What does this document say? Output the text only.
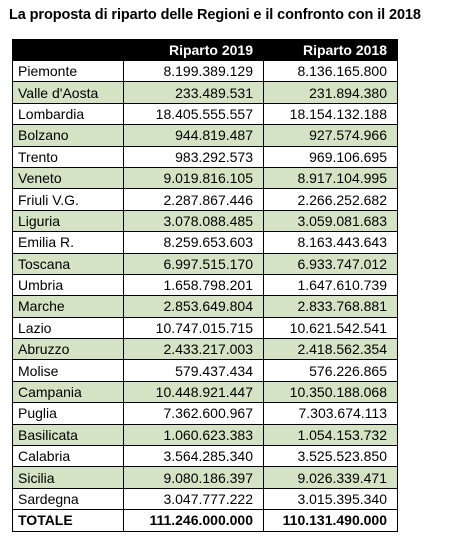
La proposta di riparto delle Regioni e il confronto con il 2018
	Riparto 2019	Riparto 2018
Piemonte	8.199.389.129	8.136.165.800
Valle d'Aosta	233.489.531	231.894.380
Lombardia	18.405.555.557	18.154.132.188
Bolzano	944.819.487	927.574.966
Trento	983.292.573	969.106.695
Veneto	9.019.816.105	8.917.104.995
Friuli V.G.	2.287.867.446	2.266.252.682
Liguria	3.078.088.485	3.059.081.683
Emilia R.	8.259.653.603	8.163.443.643
Toscana	6.997.515.170	6.933.747.012
Umbria	1.658.798.201	1.647.610.739
Marche	2.853.649.804	2.833.768.881
Lazio	10.747.015.715	10.621.542.541
Abruzzo	2.433.217.003	2.418.562.354
Molise	579.437.434	576.226.865
Campania	10.448.921.447	10.350.188.068
Puglia	7.362.600.967	7.303.674.113
Basilicata	1.060.623.383	1.054.153.732
Calabria	3.564.285.340	3.525.523.850
Sicilia	9.080.186.397	9.026.339.471
Sardegna	3.047.777.222	3.015.395.340
TOTALE	111.246.000.000	110.131.490.000
